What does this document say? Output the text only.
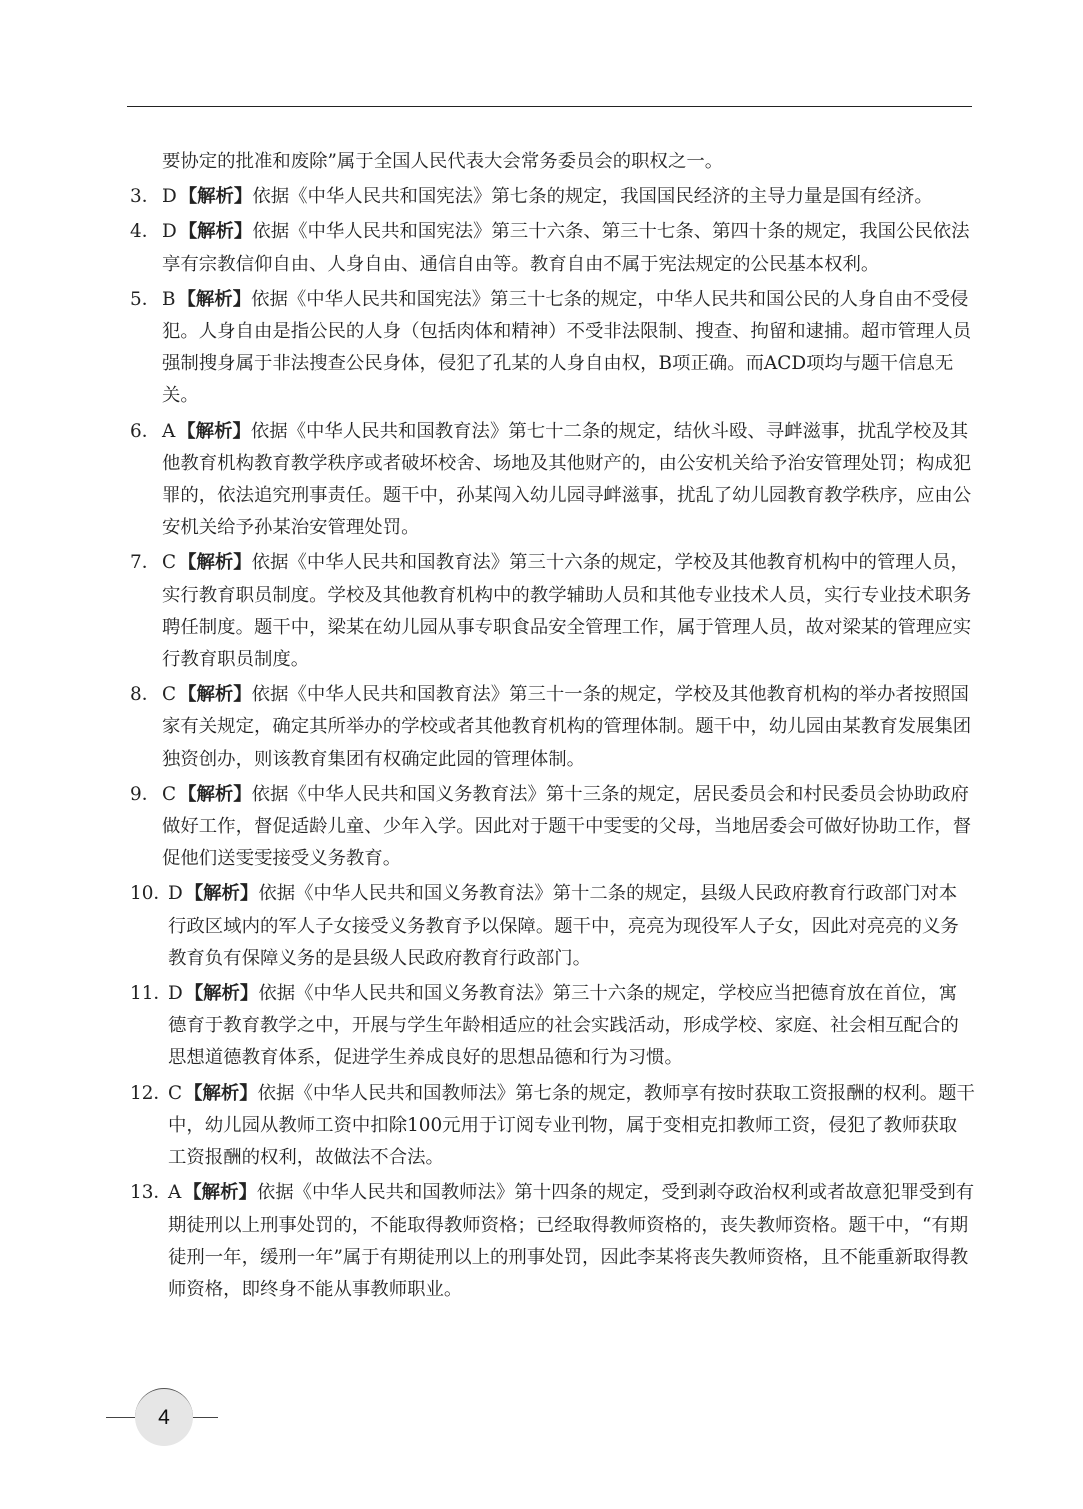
要协定的批准和废除”属于全国人民代表大会常务委员会的职权之一。
3． D 【解析】依据《中华人民共和国宪法》第七条的规定，我国国民经济的主导力量是国有经济。
4． D 【解析】依据《中华人民共和国宪法》第三十六条、第三十七条、第四十条的规定，我国公民依法享有宗教信仰自由、人身自由、通信自由等。教育自由不属于宪法规定的公民基本权利。
5． B 【解析】依据《中华人民共和国宪法》第三十七条的规定，中华人民共和国公民的人身自由不受侵犯。人身自由是指公民的人身（包括肉体和精神）不受非法限制、搜查、拘留和逮捕。超市管理人员强制搜身属于非法搜查公民身体，侵犯了孔某的人身自由权，B项正确。而ACD项均与题干信息无关。
6． A 【解析】依据《中华人民共和国教育法》第七十二条的规定，结伙斗殴、寻衅滋事，扰乱学校及其他教育机构教育教学秩序或者破坏校舍、场地及其他财产的，由公安机关给予治安管理处罚；构成犯罪的，依法追究刑事责任。题干中，孙某闯入幼儿园寻衅滋事，扰乱了幼儿园教育教学秩序，应由公安机关给予孙某治安管理处罚。
7． C 【解析】依据《中华人民共和国教育法》第三十六条的规定，学校及其他教育机构中的管理人员，实行教育职员制度。学校及其他教育机构中的教学辅助人员和其他专业技术人员，实行专业技术职务聘任制度。题干中，梁某在幼儿园从事专职食品安全管理工作，属于管理人员，故对梁某的管理应实行教育职员制度。
8． C 【解析】依据《中华人民共和国教育法》第三十一条的规定，学校及其他教育机构的举办者按照国家有关规定，确定其所举办的学校或者其他教育机构的管理体制。题干中，幼儿园由某教育发展集团独资创办，则该教育集团有权确定此园的管理体制。
9． C 【解析】依据《中华人民共和国义务教育法》第十三条的规定，居民委员会和村民委员会协助政府做好工作，督促适龄儿童、少年入学。因此对于题干中雯雯的父母，当地居委会可做好协助工作，督促他们送雯雯接受义务教育。
10．
D 【解析】依据《中华人民共和国义务教育法》第十二条的规定，县级人民政府教育行政部门对本行政区域内的军人子女接受义务教育予以保障。题干中，亮亮为现役军人子女，因此对亮亮的义务教育负有保障义务的是县级人民政府教育行政部门。
11．
D 【解析】依据《中华人民共和国义务教育法》第三十六条的规定，学校应当把德育放在首位，寓德育于教育教学之中，开展与学生年龄相适应的社会实践活动，形成学校、家庭、社会相互配合的思想道德教育体系，促进学生养成良好的思想品德和行为习惯。
12．
C 【解析】依据《中华人民共和国教师法》第七条的规定，教师享有按时获取工资报酬的权利。题干中，幼儿园从教师工资中扣除100元用于订阅专业刊物，属于变相克扣教师工资，侵犯了教师获取工资报酬的权利，故做法不合法。
13．
A 【解析】依据《中华人民共和国教师法》第十四条的规定，受到剥夺政治权利或者故意犯罪受到有期徒刑以上刑事处罚的，不能取得教师资格；已经取得教师资格的，丧失教师资格。题干中，“有期徒刑一年，缓刑一年”属于有期徒刑以上的刑事处罚，因此李某将丧失教师资格，且不能重新取得教师资格，即终身不能从事教师职业。
4
